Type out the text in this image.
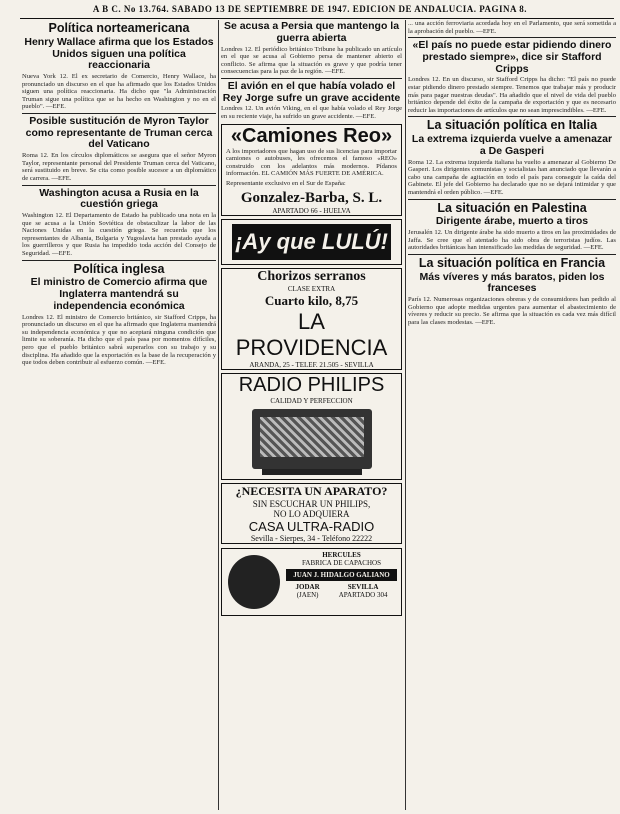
A B C. No 13.764. SABADO 13 DE SEPTIEMBRE DE 1947. EDICION DE ANDALUCIA. PAGINA 8.
Política norteamericana
Henry Wallace afirma que los Estados Unidos siguen una política reaccionaria

Nueva York 12. El ex secretario de Comercio, Henry Wallace, ha pronunciado un discurso en el que ha afirmado que los Estados Unidos siguen una política reaccionaria. Ha dicho que "la Administración Truman sigue una política que se ha hecho en Washington y no en el pueblo". —EFE.

Posible sustitución de Myron Taylor como representante de Truman cerca del Vaticano

Roma 12. En los círculos diplomáticos se asegura que el señor Myron Taylor, representante personal del Presidente Truman cerca del Vaticano, será sustituido en breve. Se cita como posible sucesor a un diplomático de carrera. —EFE.

Washington acusa a Rusia en la cuestión griega

Washington 12. El Departamento de Estado ha publicado una nota en la que se acusa a la Unión Soviética de obstaculizar la labor de las Naciones Unidas en la cuestión griega. Se recuerda que los representantes de Albania, Bulgaria y Yugoslavia han prestado ayuda a los guerrilleros y que Rusia ha impedido toda acción del Consejo de Seguridad. —EFE.

Política inglesa
El ministro de Comercio afirma que Inglaterra mantendrá su independencia económica

Londres 12. El ministro de Comercio británico, sir Stafford Cripps, ha pronunciado un discurso en el que ha afirmado que Inglaterra mantendrá su independencia económica y que no aceptará ninguna condición que limite su soberanía. Ha dicho que el país pasa por momentos difíciles, pero que el pueblo británico sabrá superarlos con su trabajo y su disciplina. Ha añadido que la exportación es la base de la recuperación y que todos deben contribuir al esfuerzo común. —EFE.

Se acusa a Persia que mantengo la guerra abierta

Londres 12. El periódico británico Tribune ha publicado un artículo en el que se acusa al Gobierno persa de mantener abierto el conflicto. Se afirma que la situación es grave y que podría tener consecuencias para la paz de la región. —EFE.

El avión en el que había volado el Rey Jorge sufre un grave accidente

Londres 12. Un avión Viking, en el que había volado el Rey Jorge en su reciente viaje, ha sufrido un grave accidente. —EFE.

«Camiones Reo»

A los importadores que hagan uso de sus licencias para importar camiones o autobuses, les ofrecemos el famoso «REO» construido con los adelantos más modernos. Pídanos información. EL CAMIÓN MÁS FUERTE DE AMÉRICA.

Representante exclusivo en el Sur de España:

Gonzalez-Barba, S. L.
APARTADO 66 - HUELVA
¡Ay que LULÚ!
Chorizos serranos
CLASE EXTRA
Cuarto kilo, 8,75
LA PROVIDENCIA
ARANDA, 25 - TELEF. 21.505 - SEVILLA
RADIO PHILIPS
CALIDAD Y PERFECCION
¿NECESITA UN APARATO?
SIN ESCUCHAR UN PHILIPS,
NO LO ADQUIERA
CASA ULTRA-RADIO
Sevilla - Sierpes, 34 - Teléfono 22222
HERCULES
FABRICA DE CAPACHOS
JUAN J. HIDALGO GALIANO
JODAR
(JAEN)
SEVILLA
APARTADO 304

... una acción ferroviaria acordada hoy en el Parlamento, que será sometida a la aprobación del pueblo. —EFE.

«El país no puede estar pidiendo dinero prestado siempre», dice sir Stafford Cripps

Londres 12. En un discurso, sir Stafford Cripps ha dicho: "El país no puede estar pidiendo dinero prestado siempre. Tenemos que trabajar más y producir más para pagar nuestras deudas". Ha añadido que el nivel de vida del pueblo británico depende del éxito de la campaña de exportación y que es necesario reducir las importaciones de artículos que no sean imprescindibles. —EFE.

La situación política en Italia
La extrema izquierda vuelve a amenazar a De Gasperi

Roma 12. La extrema izquierda italiana ha vuelto a amenazar al Gobierno De Gasperi. Los dirigentes comunistas y socialistas han anunciado que llevarán a cabo una campaña de agitación en todo el país para conseguir la caída del Gabinete. El jefe del Gobierno ha declarado que no se dejará intimidar y que mantendrá el orden público. —EFE.

La situación en Palestina
Dirigente árabe, muerto a tiros

Jerusalén 12. Un dirigente árabe ha sido muerto a tiros en las proximidades de Jaffa. Se cree que el atentado ha sido obra de terroristas judíos. Las autoridades británicas han intensificado las medidas de seguridad. —EFE.

La situación política en Francia
Más víveres y más baratos, piden los franceses

París 12. Numerosas organizaciones obreras y de consumidores han pedido al Gobierno que adopte medidas urgentes para aumentar el abastecimiento de víveres y reducir su precio. Se afirma que la situación es cada vez más difícil para las clases modestas. —EFE.
